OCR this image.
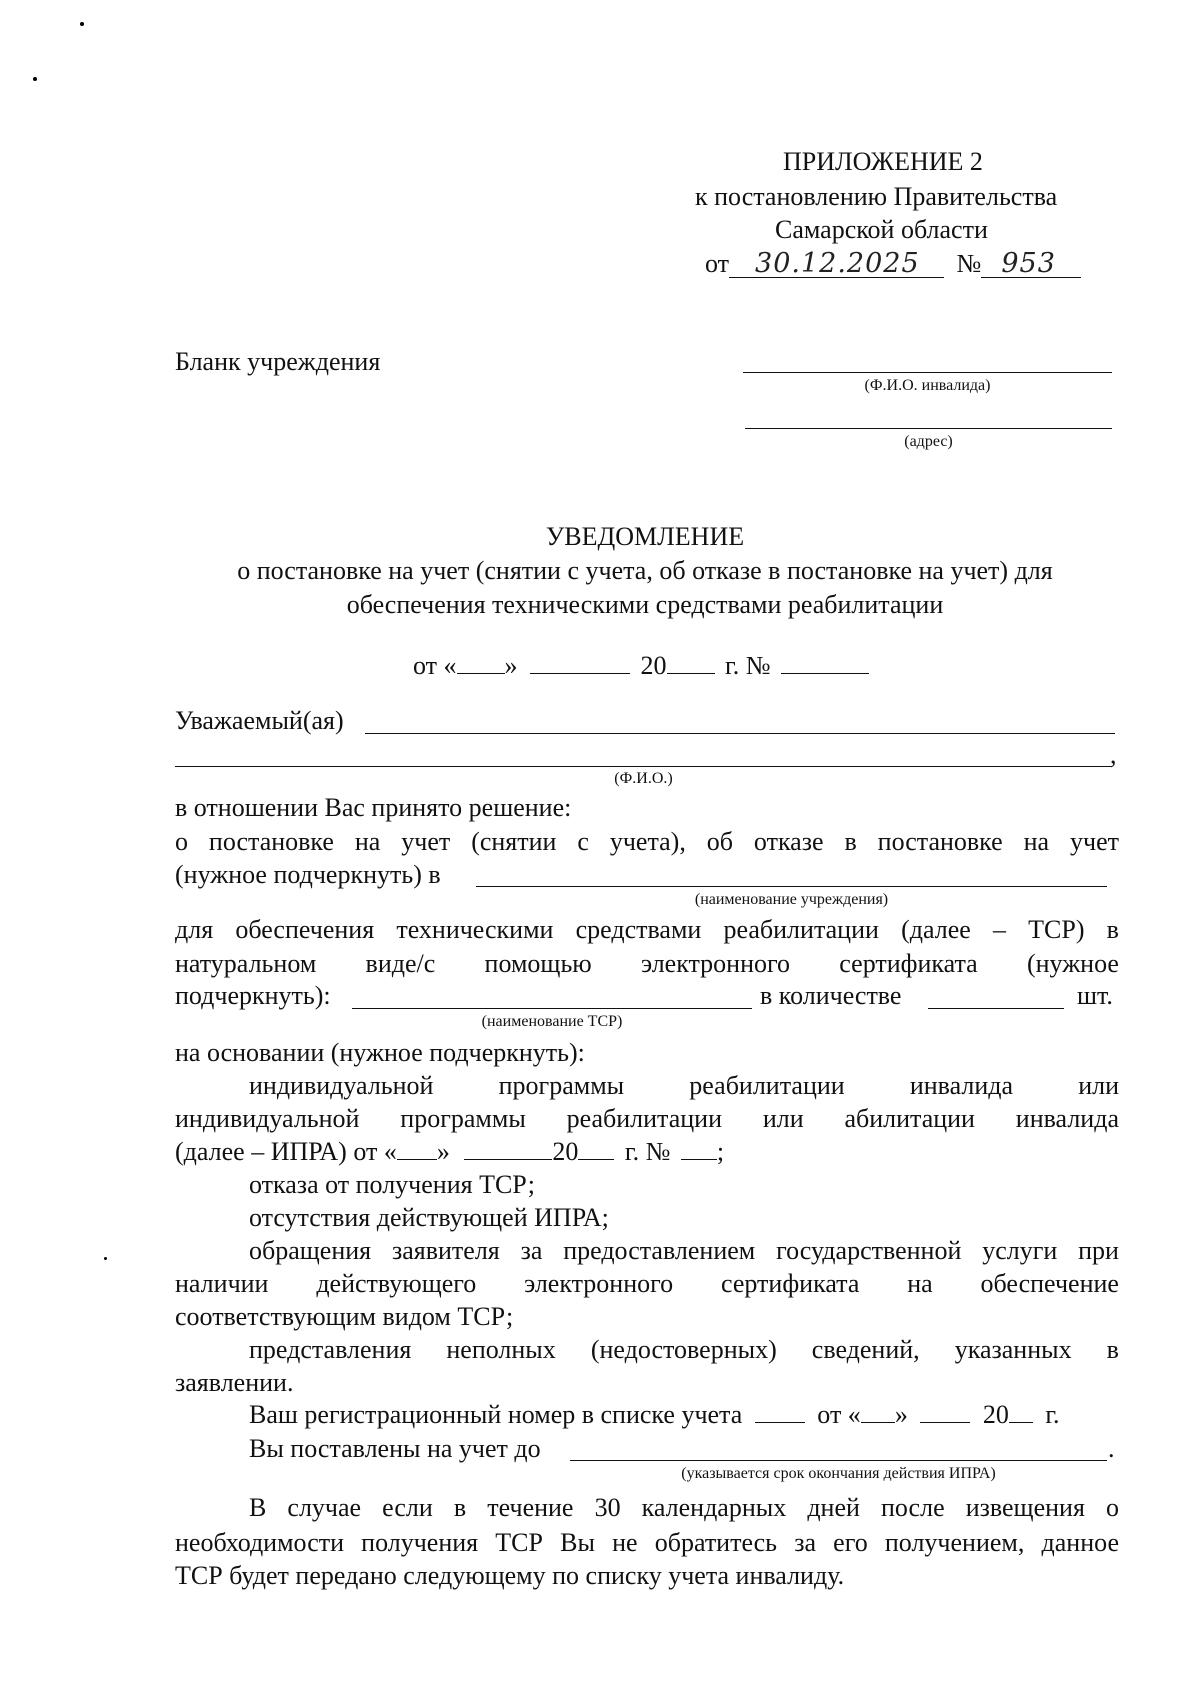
ПРИЛОЖЕНИЕ 2
к постановлению Правительства
Самарской области
от 30.12.2025 № 953
Бланк учреждения
(Ф.И.О. инвалида)
(адрес)
УВЕДОМЛЕНИЕ
о постановке на учет (снятии с учета, об отказе в постановке на учет) для
обеспечения техническими средствами реабилитации
от « »	20 г. №
Уважаемый(ая)
,
(Ф.И.О.)
в отношении Вас принято решение:
о постановке на учет (снятии с учета), об отказе в постановке на учет
(нужное подчеркнуть) в
(наименование учреждения)
для обеспечения техническими средствами реабилитации (далее – ТСР) в
натуральном виде/с помощью электронного сертификата (нужное
подчеркнуть):	в количестве	шт.
(наименование ТСР)
на основании (нужное подчеркнуть):
индивидуальной	программы	реабилитации	инвалида	или
индивидуальной программы реабилитации или абилитации инвалида
(далее – ИПРА) от « »	20 г. № ;
отказа от получения ТСР;
отсутствия действующей ИПРА;
обращения заявителя за предоставлением государственной услуги при
наличии действующего электронного сертификата на обеспечение
соответствующим видом ТСР;
представления неполных (недостоверных) сведений, указанных в
заявлении.
Ваш регистрационный номер в списке учета	от « »	20 г.
Вы поставлены на учет до	.
(указывается срок окончания действия ИПРА)
В случае если в течение 30 календарных дней после извещения о
необходимости получения ТСР Вы не обратитесь за его получением, данное
ТСР будет передано следующему по списку учета инвалиду.
